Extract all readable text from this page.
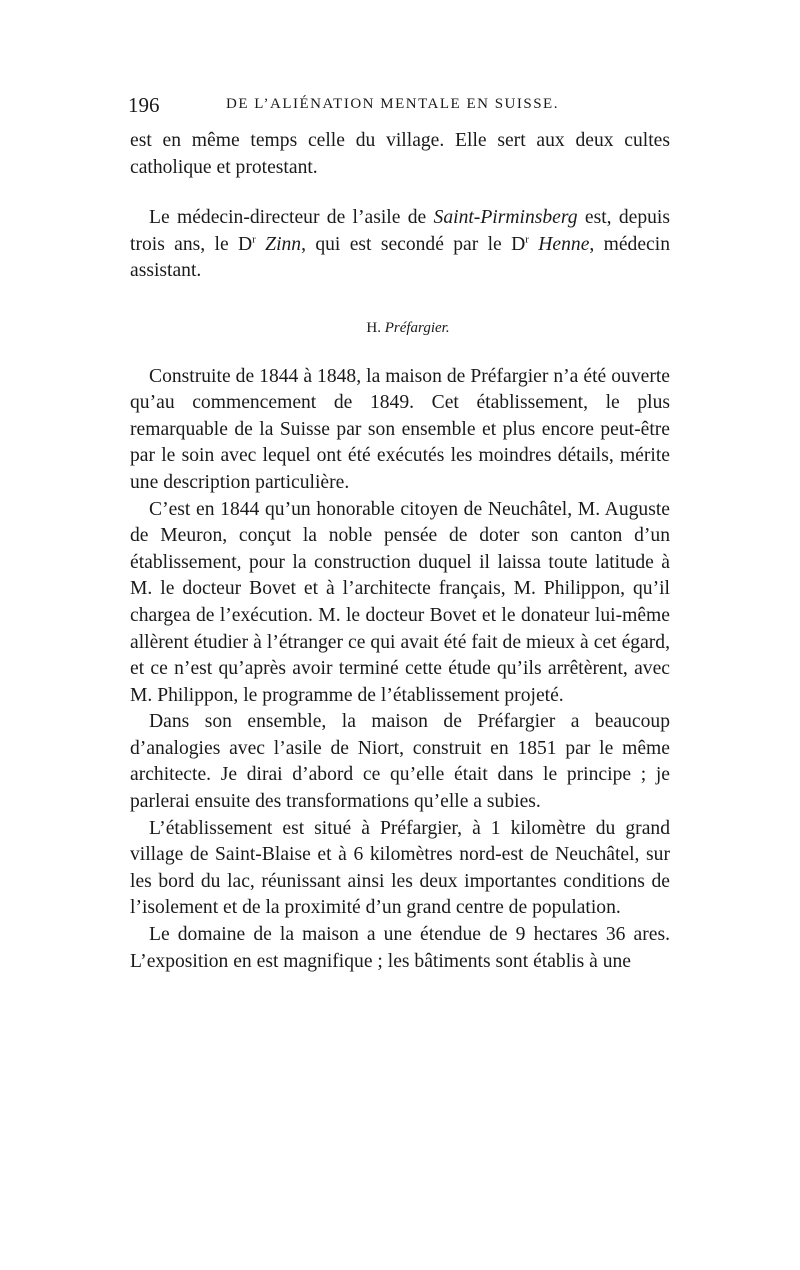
196	DE L’ALIÉNATION MENTALE EN SUISSE.

est en même temps celle du village. Elle sert aux deux cultes catholique et protestant.

Le médecin-directeur de l’asile de Saint-Pirminsberg est, depuis trois ans, le $D^r$ Zinn, qui est secondé par le $D^r$ Henne, médecin assistant.

H. Préfargier.

Construite de 1844 à 1848, la maison de Préfargier n’a été ouverte qu’au commencement de 1849. Cet établissement, le plus remarquable de la Suisse par son ensemble et plus encore peut-être par le soin avec lequel ont été exécutés les moindres détails, mérite une description particulière.

C’est en 1844 qu’un honorable citoyen de Neuchâtel, M. Auguste de Meuron, conçut la noble pensée de doter son canton d’un établissement, pour la construction duquel il laissa toute latitude à M. le docteur Bovet et à l’architecte français, M. Philippon, qu’il chargea de l’exécution. M. le docteur Bovet et le donateur lui-même allèrent étudier à l’étranger ce qui avait été fait de mieux à cet égard, et ce n’est qu’après avoir terminé cette étude qu’ils arrêtèrent, avec M. Philippon, le programme de l’établissement projeté.

Dans son ensemble, la maison de Préfargier a beaucoup d’analogies avec l’asile de Niort, construit en 1851 par le même architecte. Je dirai d’abord ce qu’elle était dans le principe ; je parlerai ensuite des transformations qu’elle a subies.

L’établissement est situé à Préfargier, à 1 kilomètre du grand village de Saint-Blaise et à 6 kilomètres nord-est de Neuchâtel, sur les bord du lac, réunissant ainsi les deux importantes conditions de l’isolement et de la proximité d’un grand centre de population.

Le domaine de la maison a une étendue de 9 hectares 36 ares. L’exposition en est magnifique ; les bâtiments sont établis à une
